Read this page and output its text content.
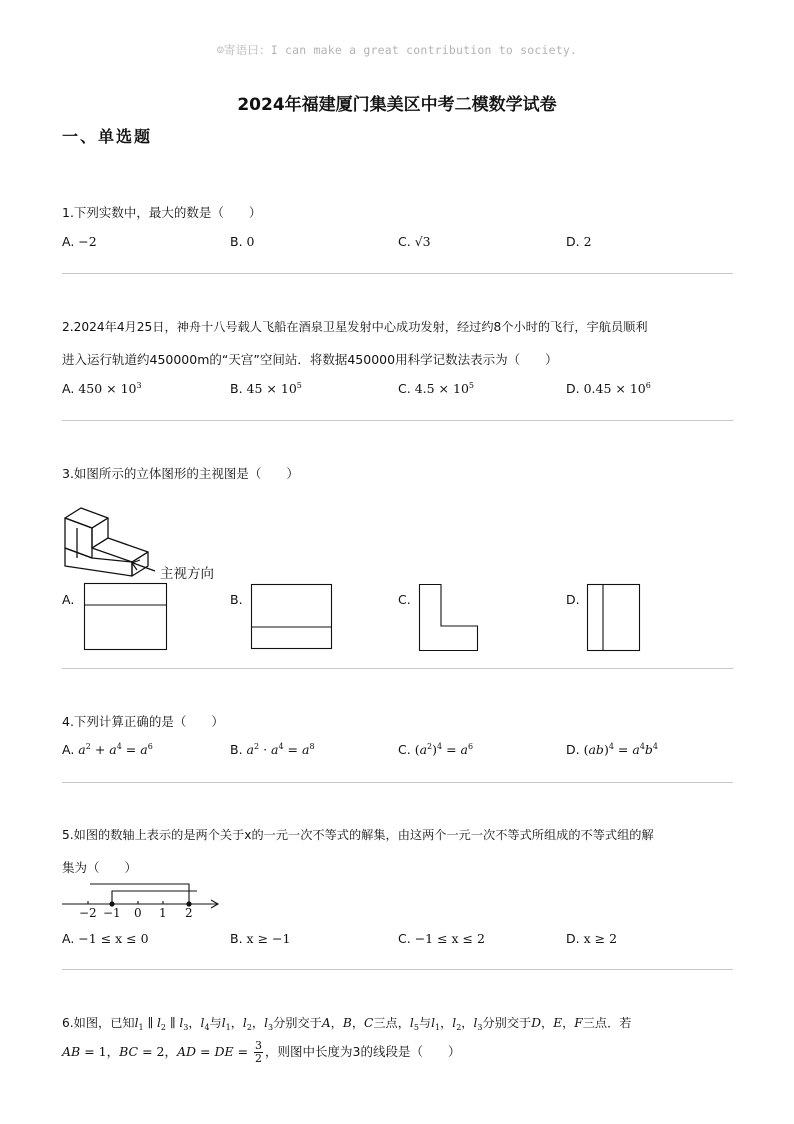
☺寄语曰：I can make a great contribution to society.
2024年福建厦门集美区中考二模数学试卷
一、单选题
1.下列实数中，最大的数是（　　）
A. −2	B. 0	C. √3	D. 2
2.2024年4月25日，神舟十八号载人飞船在酒泉卫星发射中心成功发射，经过约8个小时的飞行，宇航员顺利
进入运行轨道约450000m的“天宫”空间站．将数据450000用科学记数法表示为（　　）
A. $450 \times 10^3$	B. $45 \times 10^5$	C. $4.5 \times 10^5$	D. $0.45 \times 10^6$
3.如图所示的立体图形的主视图是（　　）
主视方向
A.	B.	C.	D.
4.下列计算正确的是（　　）
A. $a^2 + a^4 = a^6$	B. $a^2 \cdot a^4 = a^8$	C. $(a^2)^4 = a^6$	D. $(ab)^4 = a^4b^4$
5.如图的数轴上表示的是两个关于x的一元一次不等式的解集，由这两个一元一次不等式所组成的不等式组的解
集为（　　）
−2 −1 0 1 2
A. −1 ≤ x ≤ 0	B. x ≥ −1	C. −1 ≤ x ≤ 2	D. x ≥ 2
6.如图，已知$l_1$ ∥ $l_2$ ∥ $l_3$，$l_4$与$l_1$，$l_2$，$l_3$分别交于A，B，C三点，$l_5$与$l_1$，$l_2$，$l_3$分别交于D，E，F三点．若
AB = 1，BC = 2，AD = DE = $\frac{3}{2}$ ，则图中长度为3的线段是（　　）
